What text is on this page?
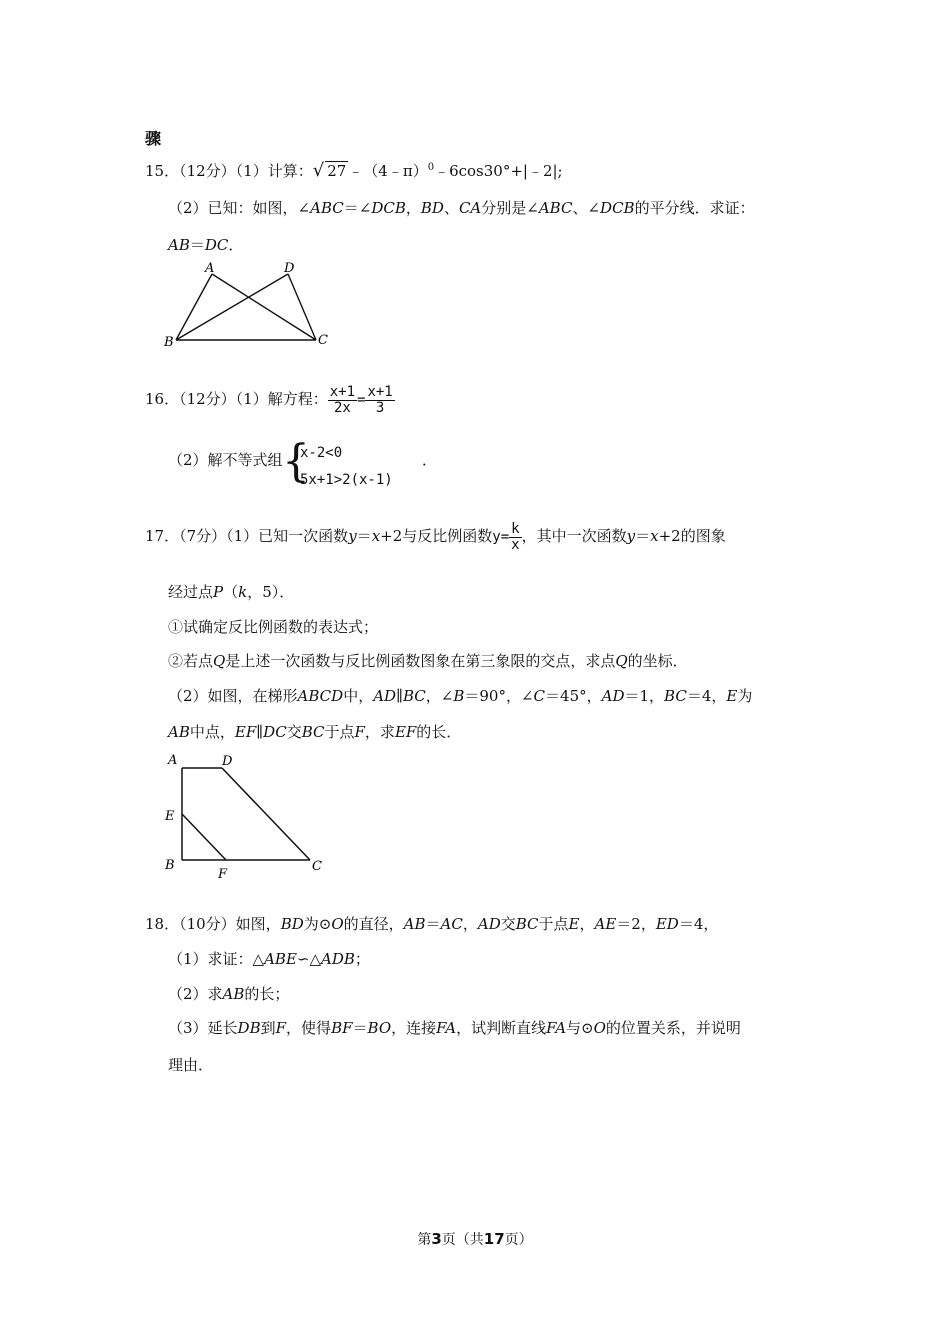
骤
15．（12分）（1）计算：√ 27 ﹣（4﹣π）$^0$﹣6cos30°+|﹣2|;
（2）已知：如图，∠ABC＝∠DCB，BD、CA分别是∠ABC、∠DCB的平分线．求证：
AB＝DC．
A	D
B	C
16．（12分）（1）解方程： $\frac{x+1}{2x} = \frac{x+1}{3}$
（2）解不等式组 {
x-2<0
5x+1>2(x-1)
．
17．（7分）（1）已知一次函数y＝x+2与反比例函数$y= \frac{k}{x}$ ，其中一次函数y＝x+2的图象
经过点P（k，5）．
①试确定反比例函数的表达式；
②若点Q是上述一次函数与反比例函数图象在第三象限的交点，求点Q的坐标．
（2）如图，在梯形ABCD中，AD∥BC，∠B＝90°，∠C＝45°，AD＝1，BC＝4，E为
AB中点，EF∥DC交BC于点F，求EF的长．
A	D
E
B
F
C
18．（10分）如图，BD为⊙O的直径，AB＝AC，AD交BC于点E，AE＝2，ED＝4，
（1）求证：△ABE∽△ADB；
（2）求AB的长；
（3）延长DB到F，使得BF＝BO，连接FA，试判断直线FA与⊙O的位置关系，并说明
理由．
第3页（共17页）
